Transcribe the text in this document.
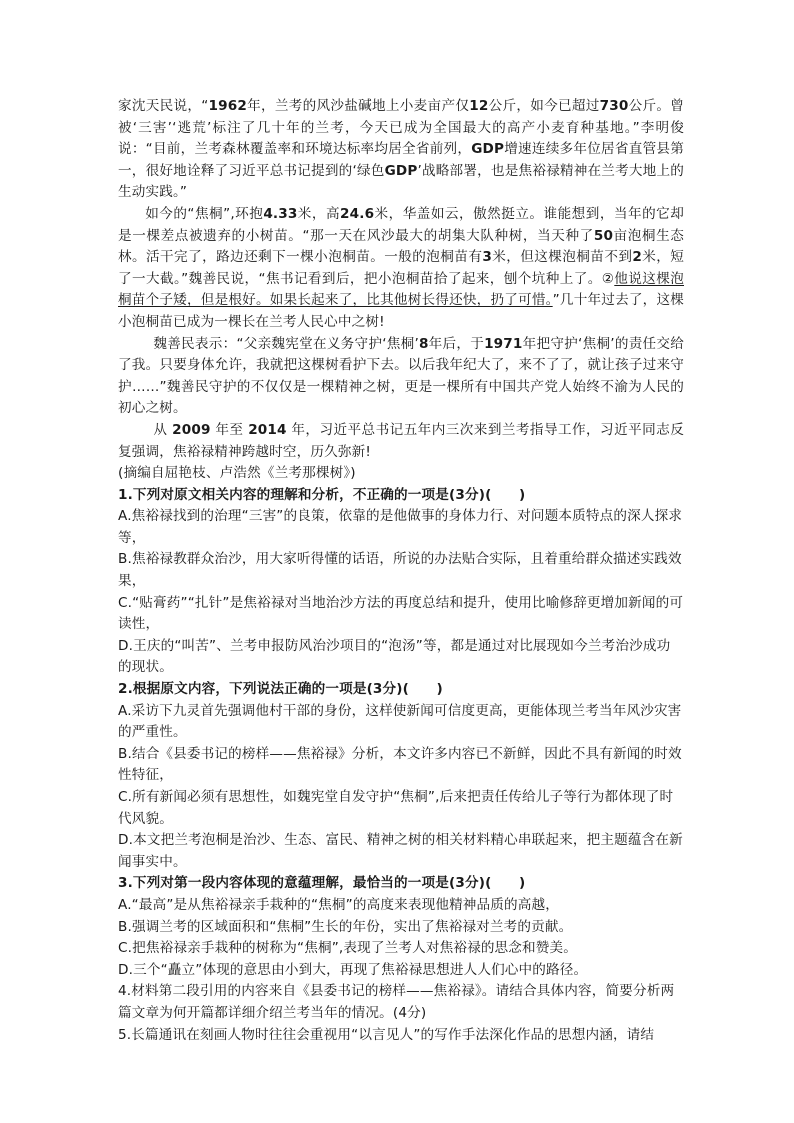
家沈天民说，“1962年，兰考的风沙盐碱地上小麦亩产仅12公斤，如今已超过730公斤。曾被‘三害’‘逃荒’标注了几十年的兰考，今天已成为全国最大的高产小麦育种基地。”李明俊说：“目前，兰考森林覆盖率和环境达标率均居全省前列，GDP增速连续多年位居省直管县第一，很好地诠释了习近平总书记提到的‘绿色GDP’战略部署，也是焦裕禄精神在兰考大地上的生动实践。”

如今的“焦桐”,环抱4.33米，高24.6米，华盖如云，傲然挺立。谁能想到，当年的它却是一棵差点被遗弃的小树苗。“那一天在风沙最大的胡集大队种树，当天种了50亩泡桐生态林。活干完了，路边还剩下一棵小泡桐苗。一般的泡桐苗有3米，但这棵泡桐苗不到2米，短了一大截。”魏善民说，“焦书记看到后，把小泡桐苗拾了起来，刨个坑种上了。②他说这棵泡桐苗个子矮，但是根好。如果长起来了，比其他树长得还快，扔了可惜。”几十年过去了，这棵小泡桐苗已成为一棵长在兰考人民心中之树!

魏善民表示：“父亲魏宪堂在义务守护‘焦桐’8年后，于1971年把守护‘焦桐’的责任交给了我。只要身体允许，我就把这棵树看护下去。以后我年纪大了，来不了了，就让孩子过来守护……”魏善民守护的不仅仅是一棵精神之树，更是一棵所有中国共产党人始终不渝为人民的初心之树。

从 2009 年至 2014 年，习近平总书记五年内三次来到兰考指导工作，习近平同志反复强调，焦裕禄精神跨越时空，历久弥新!

(摘编自屈艳枝、卢浩然《兰考那棵树》)

1.下列对原文相关内容的理解和分析，不正确的一项是(3分)(　　)

A.焦裕禄找到的治理“三害”的良策，依靠的是他做事的身体力行、对问题本质特点的深人探求等，

B.焦裕禄教群众治沙，用大家听得懂的话语，所说的办法贴合实际，且着重给群众描述实践效果，

C.“贴膏药”“扎针”是焦裕禄对当地治沙方法的再度总结和提升，使用比喻修辞更增加新闻的可读性，

D.王庆的“叫苦”、兰考申报防风治沙项目的“泡汤”等，都是通过对比展现如今兰考治沙成功的现状。

2.根据原文内容，下列说法正确的一项是(3分)(　　)

A.采访下九灵首先强调他村干部的身份，这样使新闻可信度更高，更能体现兰考当年风沙灾害的严重性。

B.结合《县委书记的榜样——焦裕禄》分析，本文许多内容已不新鲜，因此不具有新闻的时效性特征，

C.所有新闻必须有思想性，如魏宪堂自发守护“焦桐”,后来把责任传给儿子等行为都体现了时代风貌。

D.本文把兰考泡桐是治沙、生态、富民、精神之树的相关材料精心串联起来，把主题蕴含在新闻事实中。

3.下列对第一段内容体现的意蕴理解，最恰当的一项是(3分)(　　)

A.“最高”是从焦裕禄亲手栽种的“焦桐”的高度来表现他精神品质的高越，

B.强调兰考的区域面积和“焦桐”生长的年份，实出了焦裕禄对兰考的贡献。

C.把焦裕禄亲手栽种的树称为“焦桐”,表现了兰考人对焦裕禄的思念和赞美。

D.三个“矗立”体现的意思由小到大，再现了焦裕禄思想进人人们心中的路径。

4.材料第二段引用的内容来自《县委书记的榜样——焦裕禄》。请结合具体内容，简要分析两篇文章为何开篇都详细介绍兰考当年的情况。(4分)

5.长篇通讯在刻画人物时往往会重视用“以言见人”的写作手法深化作品的思想内涵，请结
